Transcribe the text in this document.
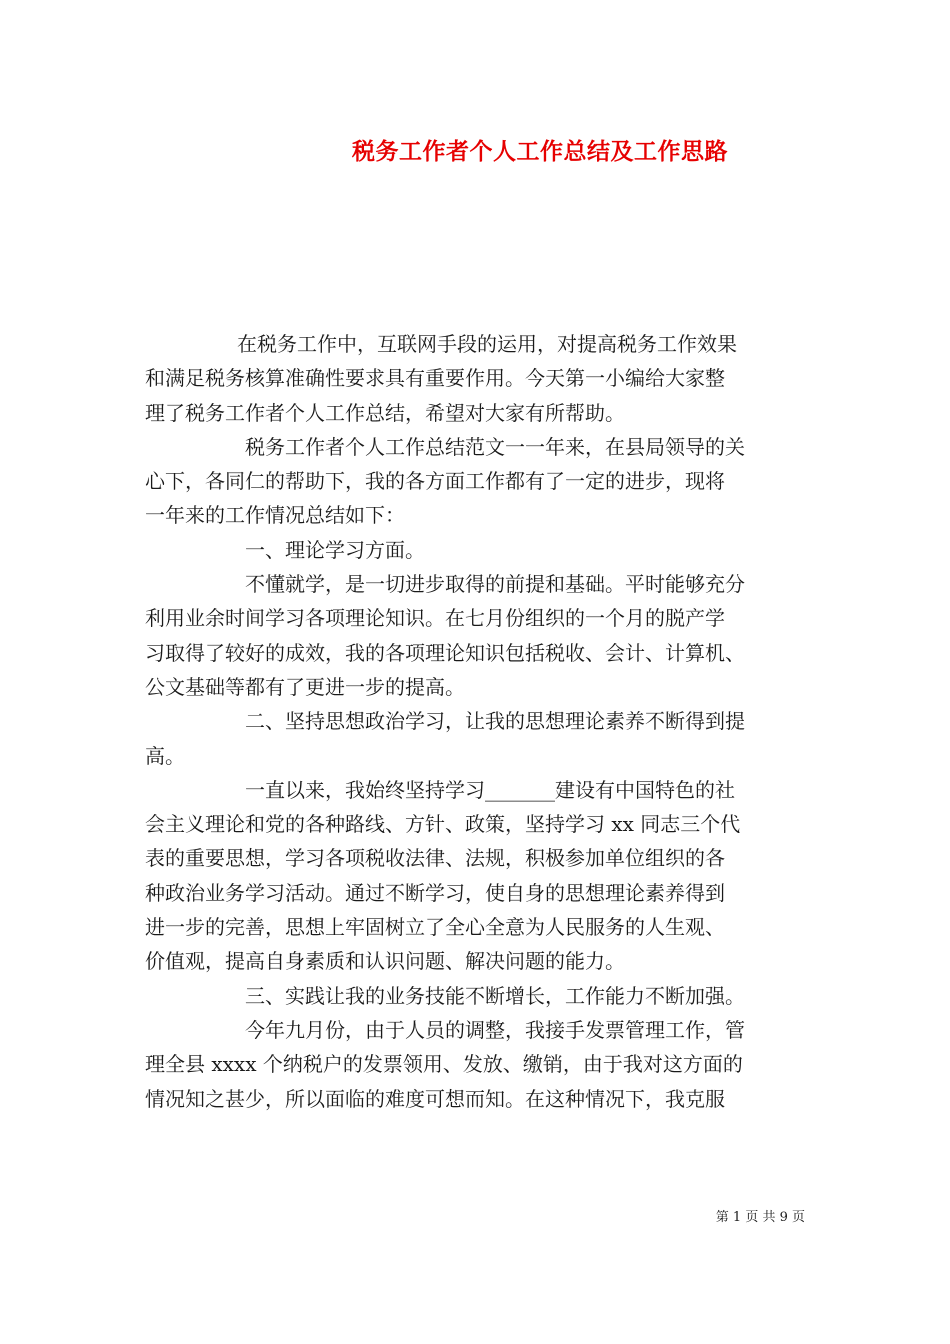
税务工作者个人工作总结及工作思路
在税务工作中，互联网手段的运用，对提高税务工作效果
和满足税务核算准确性要求具有重要作用。今天第一小编给大家整
理了税务工作者个人工作总结，希望对大家有所帮助。
税务工作者个人工作总结范文一一年来，在县局领导的关
心下，各同仁的帮助下，我的各方面工作都有了一定的进步，现将
一年来的工作情况总结如下：
一、理论学习方面。
不懂就学，是一切进步取得的前提和基础。平时能够充分
利用业余时间学习各项理论知识。在七月份组织的一个月的脱产学
习取得了较好的成效，我的各项理论知识包括税收、会计、计算机、
公文基础等都有了更进一步的提高。
二、坚持思想政治学习，让我的思想理论素养不断得到提
高。
一直以来，我始终坚持学习_______建设有中国特色的社
会主义理论和党的各种路线、方针、政策，坚持学习 xx 同志三个代
表的重要思想，学习各项税收法律、法规，积极参加单位组织的各
种政治业务学习活动。通过不断学习，使自身的思想理论素养得到
进一步的完善，思想上牢固树立了全心全意为人民服务的人生观、
价值观，提高自身素质和认识问题、解决问题的能力。
三、实践让我的业务技能不断增长，工作能力不断加强。
今年九月份，由于人员的调整，我接手发票管理工作，管
理全县 xxxx 个纳税户的发票领用、发放、缴销，由于我对这方面的
情况知之甚少，所以面临的难度可想而知。在这种情况下，我克服
第 1 页 共 9 页
